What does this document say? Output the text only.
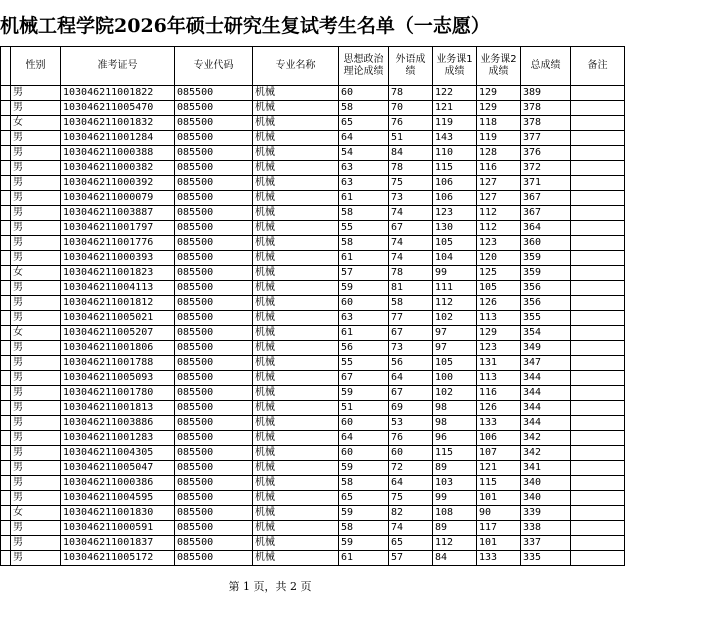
机械工程学院2026年硕士研究生复试考生名单（一志愿）
	性别	准考证号	专业代码	专业名称	思想政治理论成绩	外语成绩	业务课1成绩	业务课2成绩	总成绩	备注
	男	103046211001822	085500	机械	60	78	122	129	389	
	男	103046211005470	085500	机械	58	70	121	129	378	
	女	103046211001832	085500	机械	65	76	119	118	378	
	男	103046211001284	085500	机械	64	51	143	119	377	
	男	103046211000388	085500	机械	54	84	110	128	376	
	男	103046211000382	085500	机械	63	78	115	116	372	
	男	103046211000392	085500	机械	63	75	106	127	371	
	男	103046211000079	085500	机械	61	73	106	127	367	
	男	103046211003887	085500	机械	58	74	123	112	367	
	男	103046211001797	085500	机械	55	67	130	112	364	
	男	103046211001776	085500	机械	58	74	105	123	360	
	男	103046211000393	085500	机械	61	74	104	120	359	
	女	103046211001823	085500	机械	57	78	99	125	359	
	男	103046211004113	085500	机械	59	81	111	105	356	
	男	103046211001812	085500	机械	60	58	112	126	356	
	男	103046211005021	085500	机械	63	77	102	113	355	
	女	103046211005207	085500	机械	61	67	97	129	354	
	男	103046211001806	085500	机械	56	73	97	123	349	
	男	103046211001788	085500	机械	55	56	105	131	347	
	男	103046211005093	085500	机械	67	64	100	113	344	
	男	103046211001780	085500	机械	59	67	102	116	344	
	男	103046211001813	085500	机械	51	69	98	126	344	
	男	103046211003886	085500	机械	60	53	98	133	344	
	男	103046211001283	085500	机械	64	76	96	106	342	
	男	103046211004305	085500	机械	60	60	115	107	342	
	男	103046211005047	085500	机械	59	72	89	121	341	
	男	103046211000386	085500	机械	58	64	103	115	340	
	男	103046211004595	085500	机械	65	75	99	101	340	
	女	103046211001830	085500	机械	59	82	108	90	339	
	男	103046211000591	085500	机械	58	74	89	117	338	
	男	103046211001837	085500	机械	59	65	112	101	337	
	男	103046211005172	085500	机械	61	57	84	133	335	
第 1 页，共 2 页
